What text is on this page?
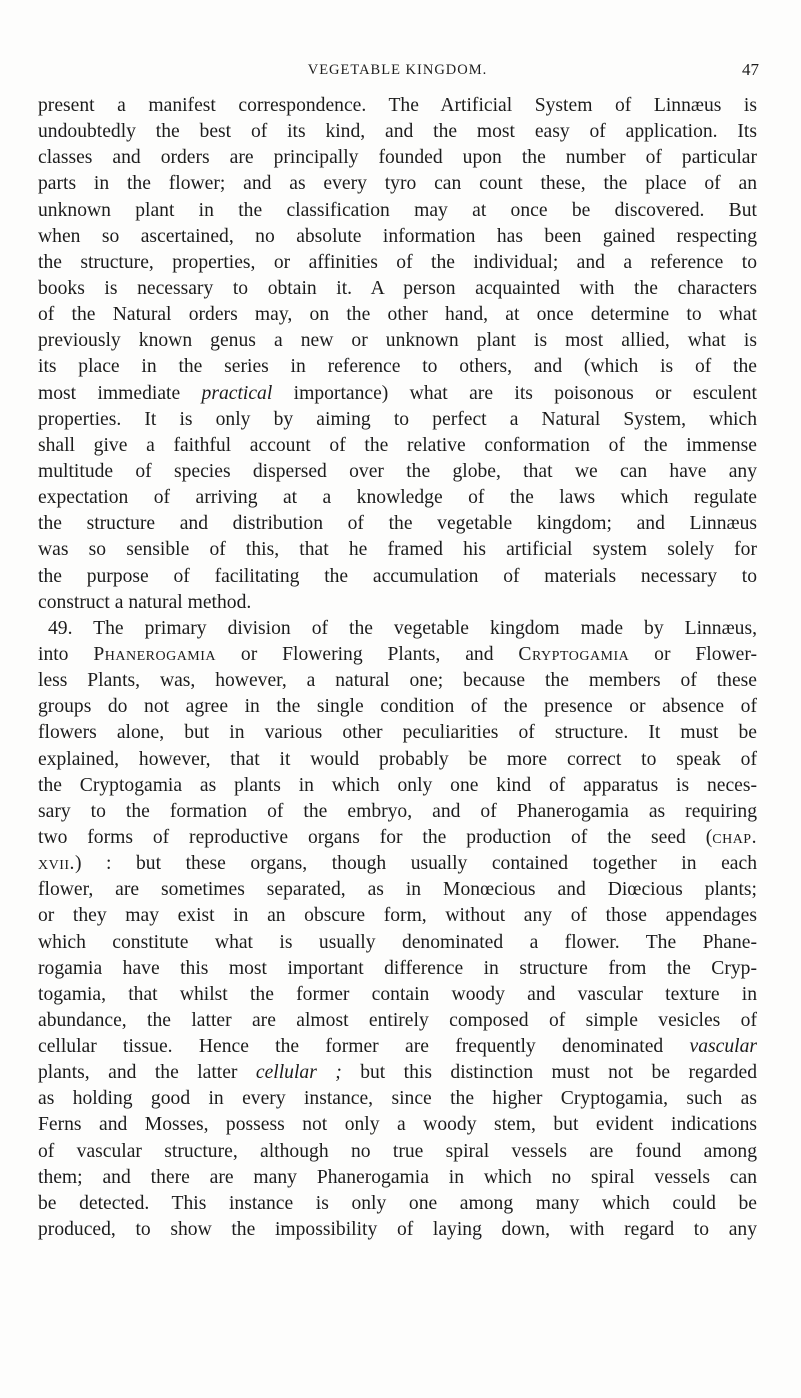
VEGETABLE KINGDOM.	47
present a manifest correspondence. The Artificial System of Linnæus is
undoubtedly the best of its kind, and the most easy of application. Its
classes and orders are principally founded upon the number of particular
parts in the flower; and as every tyro can count these, the place of an
unknown plant in the classification may at once be discovered. But
when so ascertained, no absolute information has been gained respecting
the structure, properties, or affinities of the individual; and a reference to
books is necessary to obtain it. A person acquainted with the characters
of the Natural orders may, on the other hand, at once determine to what
previously known genus a new or unknown plant is most allied, what is
its place in the series in reference to others, and (which is of the
most immediate practical importance) what are its poisonous or esculent
properties. It is only by aiming to perfect a Natural System, which
shall give a faithful account of the relative conformation of the immense
multitude of species dispersed over the globe, that we can have any
expectation of arriving at a knowledge of the laws which regulate
the structure and distribution of the vegetable kingdom; and Linnæus
was so sensible of this, that he framed his artificial system solely for
the purpose of facilitating the accumulation of materials necessary to
construct a natural method.
49. The primary division of the vegetable kingdom made by Linnæus,
into Phanerogamia or Flowering Plants, and Cryptogamia or Flower-
less Plants, was, however, a natural one; because the members of these
groups do not agree in the single condition of the presence or absence of
flowers alone, but in various other peculiarities of structure. It must be
explained, however, that it would probably be more correct to speak of
the Cryptogamia as plants in which only one kind of apparatus is neces-
sary to the formation of the embryo, and of Phanerogamia as requiring
two forms of reproductive organs for the production of the seed (chap.
xvii.) : but these organs, though usually contained together in each
flower, are sometimes separated, as in Monœcious and Diœcious plants;
or they may exist in an obscure form, without any of those appendages
which constitute what is usually denominated a flower. The Phane-
rogamia have this most important difference in structure from the Cryp-
togamia, that whilst the former contain woody and vascular texture in
abundance, the latter are almost entirely composed of simple vesicles of
cellular tissue. Hence the former are frequently denominated vascular
plants, and the latter cellular ; but this distinction must not be regarded
as holding good in every instance, since the higher Cryptogamia, such as
Ferns and Mosses, possess not only a woody stem, but evident indications
of vascular structure, although no true spiral vessels are found among
them; and there are many Phanerogamia in which no spiral vessels can
be detected. This instance is only one among many which could be
produced, to show the impossibility of laying down, with regard to any
